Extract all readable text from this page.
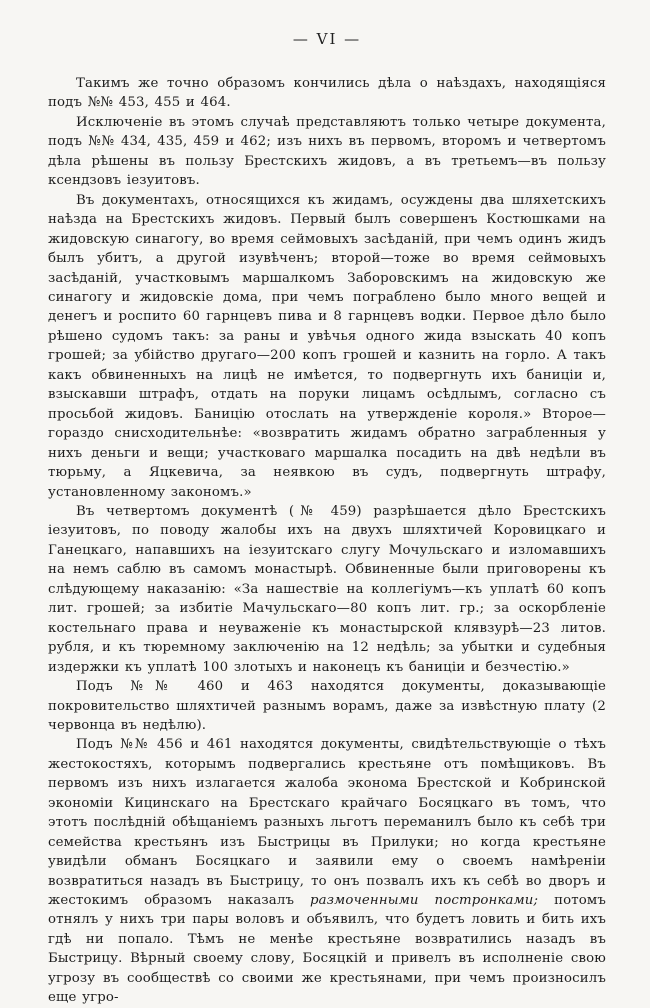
— VI —

Такимъ же точно образомъ кончились дѣла о наѣздахъ, находящіяся подъ №№ 453, 455 и 464.

Исключеніе въ этомъ случаѣ представляютъ только четыре документа, подъ №№ 434, 435, 459 и 462; изъ нихъ въ первомъ, второмъ и четвертомъ дѣла рѣшены въ пользу Брестскихъ жидовъ, а въ третьемъ—въ пользу ксендзовъ іезуитовъ.

Въ документахъ, относящихся къ жидамъ, осуждены два шляхетскихъ наѣзда на Брестскихъ жидовъ. Первый былъ совершенъ Костюшками на жидовскую синагогу, во время сеймовыхъ засѣданій, при чемъ одинъ жидъ былъ убитъ, а другой изувѣченъ; второй—тоже во время сеймовыхъ засѣданій, участковымъ маршалкомъ Заборовскимъ на жидовскую же синагогу и жидовскіе дома, при чемъ пограблено было много вещей и денегъ и роспито 60 гарнцевъ пива и 8 гарнцевъ водки. Первое дѣло было рѣшено судомъ такъ: за раны и увѣчья одного жида взыскать 40 копъ грошей; за убійство другаго—200 копъ грошей и казнить на горло. А такъ какъ обвиненныхъ на лицѣ не имѣется, то подвергнуть ихъ баниціи и, взыскавши штрафъ, отдать на поруки лицамъ осѣдлымъ, согласно съ просьбой жидовъ. Баницію отослать на утвержденіе короля.» Второе—гораздо снисходительнѣе: «возвратить жидамъ обратно заграбленныя у нихъ деньги и вещи; участковаго маршалка посадить на двѣ недѣли въ тюрьму, а Яцкевича, за неявкою въ судъ, подвергнуть штрафу, установленному закономъ.»

Въ четвертомъ документѣ (№ 459) разрѣшается дѣло Брестскихъ іезуитовъ, по поводу жалобы ихъ на двухъ шляхтичей Коровицкаго и Ганецкаго, напавшихъ на іезуитскаго слугу Мочульскаго и изломавшихъ на немъ саблю въ самомъ монастырѣ. Обвиненные были приговорены къ слѣдующему наказанію: «За нашествіе на коллегіумъ—къ уплатѣ 60 копъ лит. грошей; за избитіе Мачульскаго—80 копъ лит. гр.; за оскорбленіе костельнаго права и неуваженіе къ монастырской клявзурѣ—23 литов. рубля, и къ тюремному заключенію на 12 недѣль; за убытки и судебныя издержки къ уплатѣ 100 злотыхъ и наконецъ къ баниціи и безчестію.»

Подъ №№ 460 и 463 находятся документы, доказывающіе покровительство шляхтичей разнымъ ворамъ, даже за извѣстную плату (2 червонца въ недѣлю).

Подъ №№ 456 и 461 находятся документы, свидѣтельствующіе о тѣхъ жестокостяхъ, которымъ подвергались крестьяне отъ помѣщиковъ. Въ первомъ изъ нихъ излагается жалоба эконома Брестской и Кобринской экономіи Кицинскаго на Брестскаго крайчаго Босяцкаго въ томъ, что этотъ послѣдній обѣщаніемъ разныхъ льготъ переманилъ было къ себѣ три семейства крестьянъ изъ Быстрицы въ Прилуки; но когда крестьяне увидѣли обманъ Босяцкаго и заявили ему о своемъ намѣреніи возвратиться назадъ въ Быстрицу, то онъ позвалъ ихъ къ себѣ во дворъ и жестокимъ образомъ наказалъ размоченными постронками; потомъ отнялъ у нихъ три пары воловъ и объявилъ, что будетъ ловить и бить ихъ гдѣ ни попало. Тѣмъ не менѣе крестьяне возвратились назадъ въ Быстрицу. Вѣрный своему слову, Босяцкій и привелъ въ исполненіе свою угрозу въ сообществѣ со своими же крестьянами, при чемъ произносилъ еще угро-
